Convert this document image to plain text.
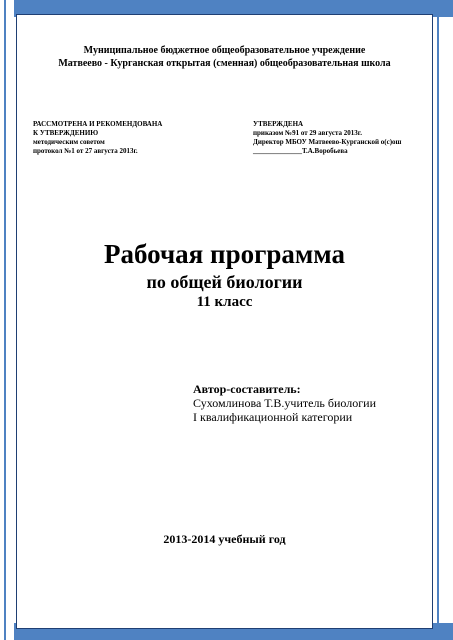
Муниципальное бюджетное общеобразовательное учреждение
Матвеево - Курганская открытая (сменная) общеобразовательная школа
РАССМОТРЕНА И РЕКОМЕНДОВАНА
К УТВЕРЖДЕНИЮ
методическим советом
протокол №1 от 27 августа 2013г.
УТВЕРЖДЕНА
приказом №91 от 29 августа 2013г.
Директор МБОУ Матвеево-Курганской о(с)ош
______________Т.А.Воробьева
Рабочая программа
по общей биологии
11 класс
Автор-составитель:
Сухомлинова Т.В.учитель биологии
I квалификационной категории
2013-2014 учебный год
